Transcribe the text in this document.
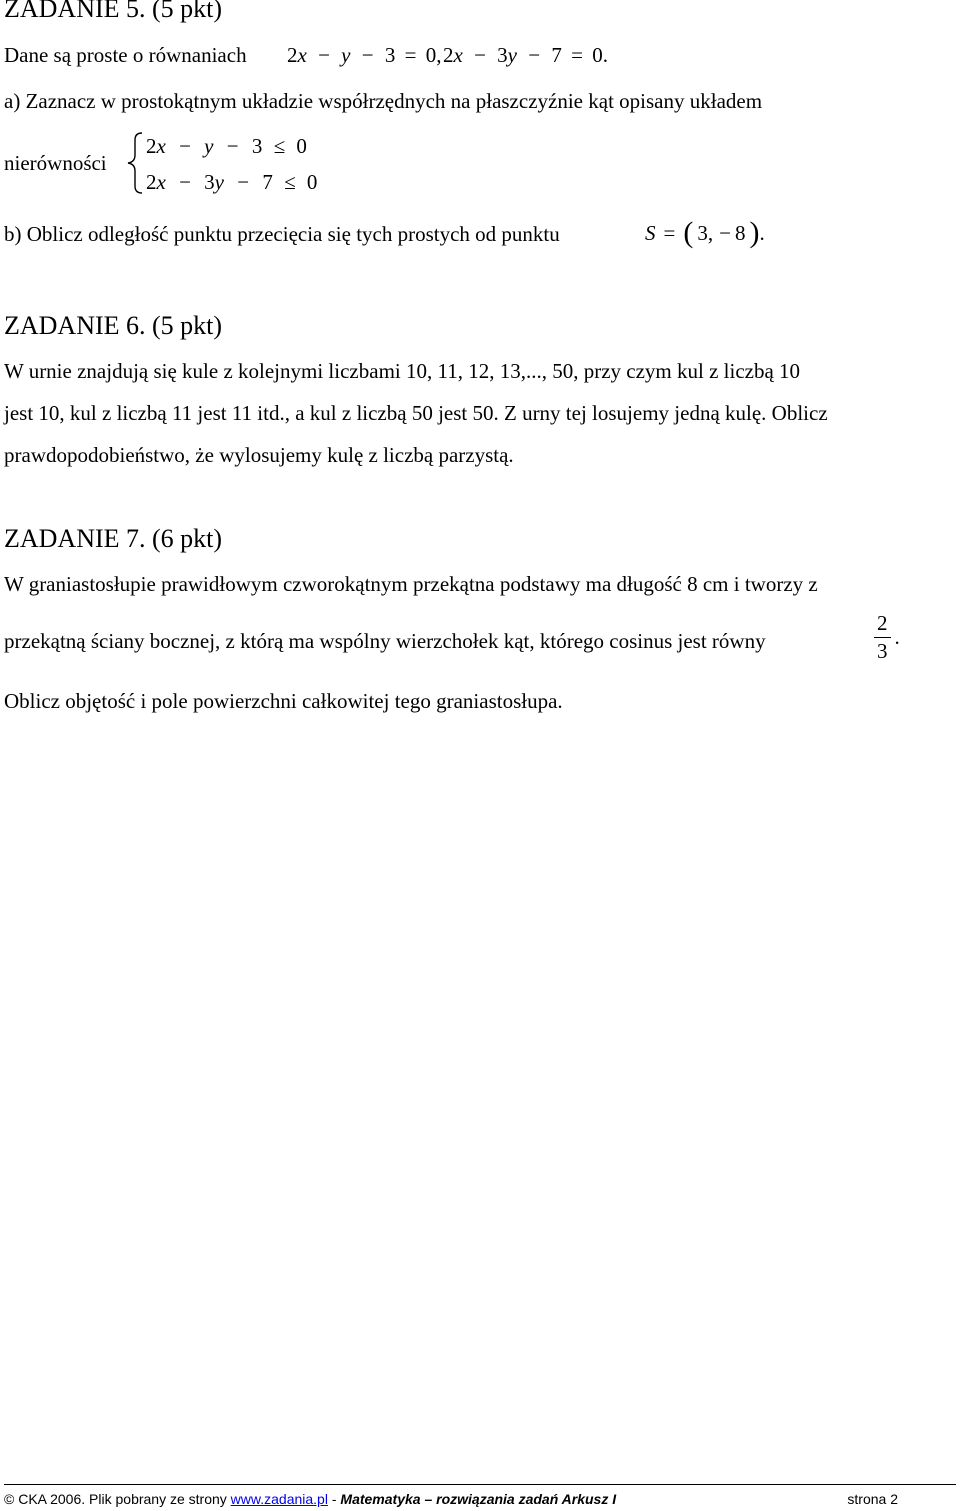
ZADANIE 5. (5 pkt)
Dane są proste o równaniach 2x − y − 3 = 0, 2x − 3y − 7 = 0.
a) Zaznacz w prostokątnym układzie współrzędnych na płaszczyźnie kąt opisany układem
nierówności
2x − y − 3 ≤ 0
2x − 3y − 7 ≤ 0
b) Oblicz odległość punktu przecięcia się tych prostych od punktu	S = ( 3, − 8 ) .
ZADANIE 6. (5 pkt)
W urnie znajdują się kule z kolejnymi liczbami 10, 11, 12, 13,..., 50, przy czym kul z liczbą 10
jest 10, kul z liczbą 11 jest 11 itd., a kul z liczbą 50 jest 50. Z urny tej losujemy jedną kulę. Oblicz
prawdopodobieństwo, że wylosujemy kulę z liczbą parzystą.
ZADANIE 7. (6 pkt)
W graniastosłupie prawidłowym czworokątnym przekątna podstawy ma długość 8 cm i tworzy z
przekątną ściany bocznej, z którą ma wspólny wierzchołek kąt, którego cosinus jest równy	$\frac{2}{3}$ .
Oblicz objętość i pole powierzchni całkowitej tego graniastosłupa.
© CKA 2006. Plik pobrany ze strony www.zadania.pl - Matematyka – rozwiązania zadań Arkusz I	strona 2
